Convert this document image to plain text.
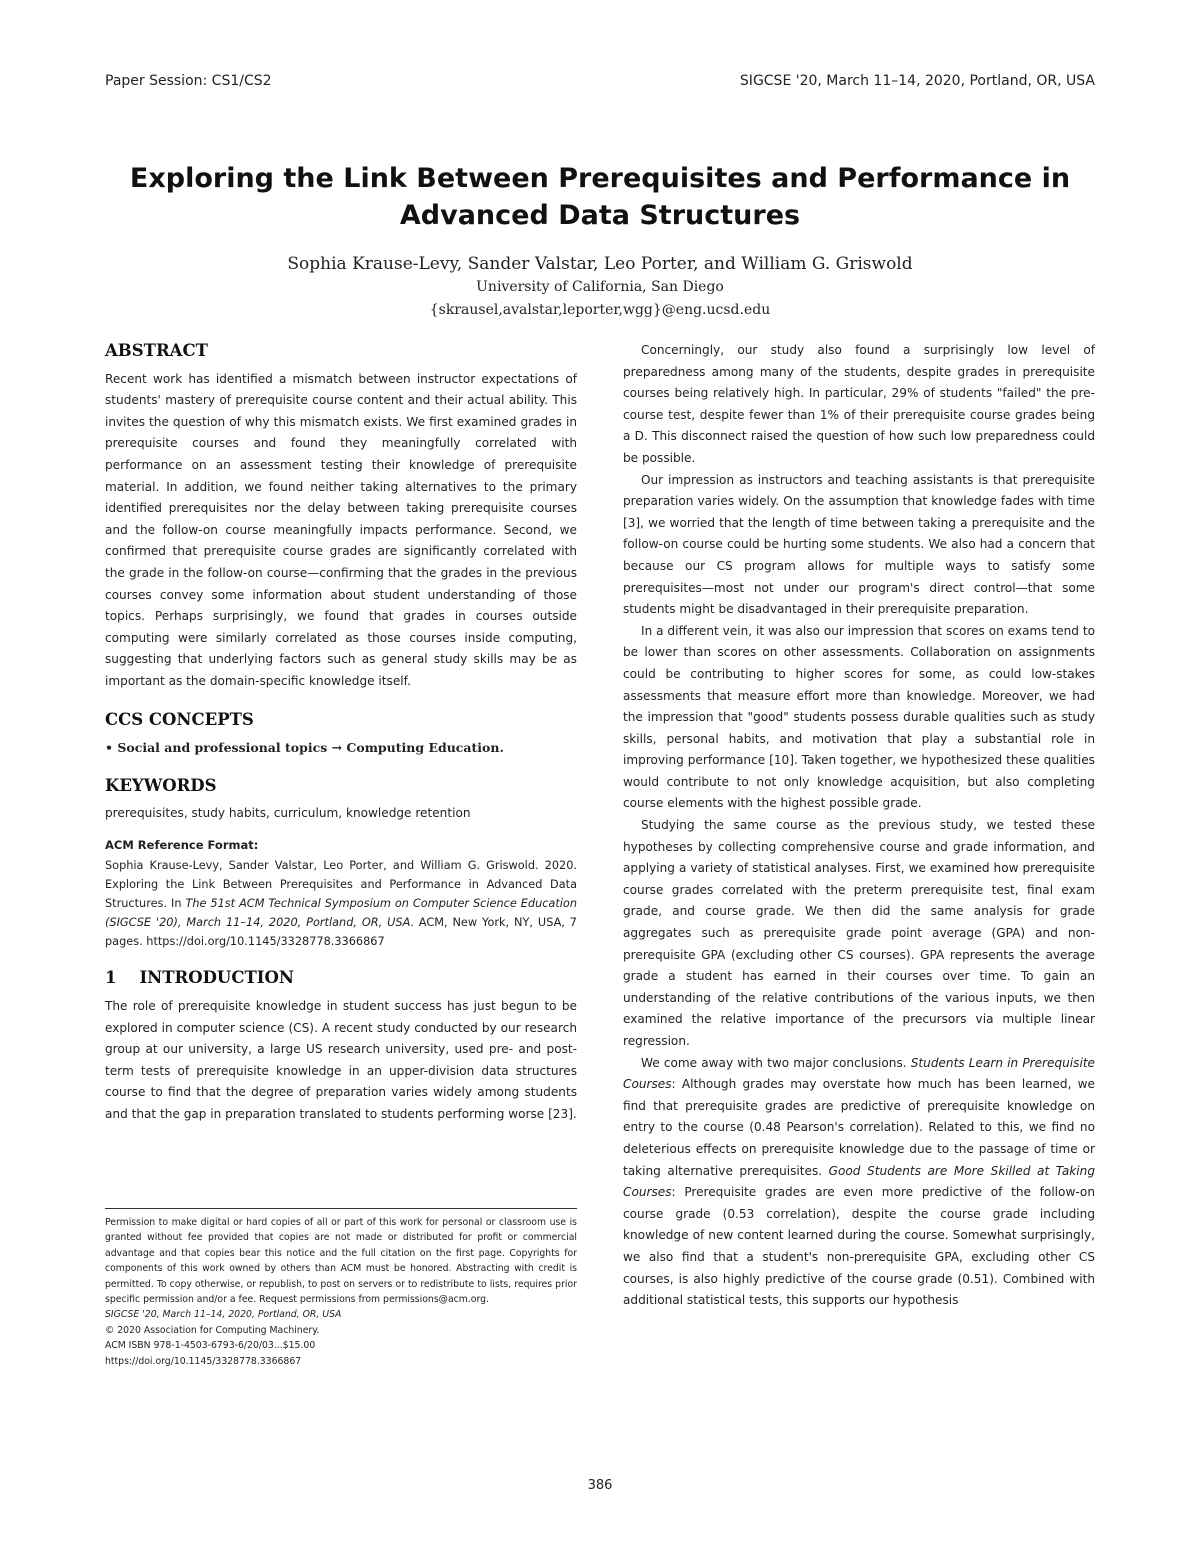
Paper Session: CS1/CS2	SIGCSE '20, March 11–14, 2020, Portland, OR, USA
Exploring the Link Between Prerequisites and Performance in
Advanced Data Structures
Sophia Krause-Levy, Sander Valstar, Leo Porter, and William G. Griswold
University of California, San Diego
{skrausel,avalstar,leporter,wgg}@eng.ucsd.edu
ABSTRACT

Recent work has identified a mismatch between instructor expectations of students' mastery of prerequisite course content and their actual ability. This invites the question of why this mismatch exists. We first examined grades in prerequisite courses and found they meaningfully correlated with performance on an assessment testing their knowledge of prerequisite material. In addition, we found neither taking alternatives to the primary identified prerequisites nor the delay between taking prerequisite courses and the follow-on course meaningfully impacts performance. Second, we confirmed that prerequisite course grades are significantly correlated with the grade in the follow-on course—confirming that the grades in the previous courses convey some information about student understanding of those topics. Perhaps surprisingly, we found that grades in courses outside computing were similarly correlated as those courses inside computing, suggesting that underlying factors such as general study skills may be as important as the domain-specific knowledge itself.

CCS CONCEPTS

• Social and professional topics → Computing Education.

KEYWORDS

prerequisites, study habits, curriculum, knowledge retention

ACM Reference Format:

Sophia Krause-Levy, Sander Valstar, Leo Porter, and William G. Griswold. 2020. Exploring the Link Between Prerequisites and Performance in Advanced Data Structures. In The 51st ACM Technical Symposium on Computer Science Education (SIGCSE '20), March 11–14, 2020, Portland, OR, USA. ACM, New York, NY, USA, 7 pages. https://doi.org/10.1145/3328778.3366867

1    INTRODUCTION

The role of prerequisite knowledge in student success has just begun to be explored in computer science (CS). A recent study conducted by our research group at our university, a large US research university, used pre- and post-term tests of prerequisite knowledge in an upper-division data structures course to find that the degree of preparation varies widely among students and that the gap in preparation translated to students performing worse [23].

Permission to make digital or hard copies of all or part of this work for personal or classroom use is granted without fee provided that copies are not made or distributed for profit or commercial advantage and that copies bear this notice and the full citation on the first page. Copyrights for components of this work owned by others than ACM must be honored. Abstracting with credit is permitted. To copy otherwise, or republish, to post on servers or to redistribute to lists, requires prior specific permission and/or a fee. Request permissions from permissions@acm.org.

SIGCSE '20, March 11–14, 2020, Portland, OR, USA

© 2020 Association for Computing Machinery.

ACM ISBN 978-1-4503-6793-6/20/03...$15.00

https://doi.org/10.1145/3328778.3366867

Concerningly, our study also found a surprisingly low level of preparedness among many of the students, despite grades in prerequisite courses being relatively high. In particular, 29% of students "failed" the pre-course test, despite fewer than 1% of their prerequisite course grades being a D. This disconnect raised the question of how such low preparedness could be possible.

Our impression as instructors and teaching assistants is that prerequisite preparation varies widely. On the assumption that knowledge fades with time [3], we worried that the length of time between taking a prerequisite and the follow-on course could be hurting some students. We also had a concern that because our CS program allows for multiple ways to satisfy some prerequisites—most not under our program's direct control—that some students might be disadvantaged in their prerequisite preparation.

In a different vein, it was also our impression that scores on exams tend to be lower than scores on other assessments. Collaboration on assignments could be contributing to higher scores for some, as could low-stakes assessments that measure effort more than knowledge. Moreover, we had the impression that "good" students possess durable qualities such as study skills, personal habits, and motivation that play a substantial role in improving performance [10]. Taken together, we hypothesized these qualities would contribute to not only knowledge acquisition, but also completing course elements with the highest possible grade.

Studying the same course as the previous study, we tested these hypotheses by collecting comprehensive course and grade information, and applying a variety of statistical analyses. First, we examined how prerequisite course grades correlated with the preterm prerequisite test, final exam grade, and course grade. We then did the same analysis for grade aggregates such as prerequisite grade point average (GPA) and non-prerequisite GPA (excluding other CS courses). GPA represents the average grade a student has earned in their courses over time. To gain an understanding of the relative contributions of the various inputs, we then examined the relative importance of the precursors via multiple linear regression.

We come away with two major conclusions. Students Learn in Prerequisite Courses: Although grades may overstate how much has been learned, we find that prerequisite grades are predictive of prerequisite knowledge on entry to the course (0.48 Pearson's correlation). Related to this, we find no deleterious effects on prerequisite knowledge due to the passage of time or taking alternative prerequisites. Good Students are More Skilled at Taking Courses: Prerequisite grades are even more predictive of the follow-on course grade (0.53 correlation), despite the course grade including knowledge of new content learned during the course. Somewhat surprisingly, we also find that a student's non-prerequisite GPA, excluding other CS courses, is also highly predictive of the course grade (0.51). Combined with additional statistical tests, this supports our hypothesis

386
